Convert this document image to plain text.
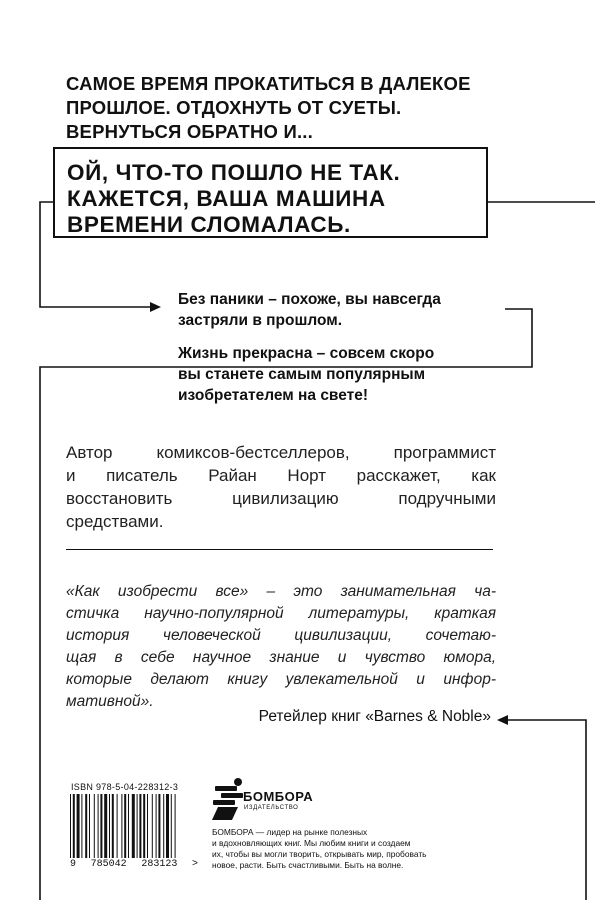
САМОЕ ВРЕМЯ ПРОКАТИТЬСЯ В ДАЛЕКОЕ
ПРОШЛОЕ. ОТДОХНУТЬ ОТ СУЕТЫ.
ВЕРНУТЬСЯ ОБРАТНО И...
ОЙ, ЧТО-ТО ПОШЛО НЕ ТАК.
КАЖЕТСЯ, ВАША МАШИНА
ВРЕМЕНИ СЛОМАЛАСЬ.

Без паники – похоже, вы навсегда
застряли в прошлом.

Жизнь прекрасна – совсем скоро
вы станете самым популярным
изобретателем на свете!

Автор комиксов-бестселлеров, программист
и писатель Райан Норт расскажет, как
восстановить цивилизацию подручными
средствами.
«Как изобрести все» – это занимательная ча-
стичка научно-популярной литературы, краткая
история человеческой цивилизации, сочетаю-
щая в себе научное знание и чувство юмора,
которые делают книгу увлекательной и инфор-
мативной».
Ретейлер книг «Barnes & Noble»
ISBN 978-5-04-228312-3
9 785042 283123 >
БОМБОРА
ИЗДАТЕЛЬСТВО
БОМБОРА — лидер на рынке полезных
и вдохновляющих книг. Мы любим книги и создаем
их, чтобы вы могли творить, открывать мир, пробовать
новое, расти. Быть счастливыми. Быть на волне.
